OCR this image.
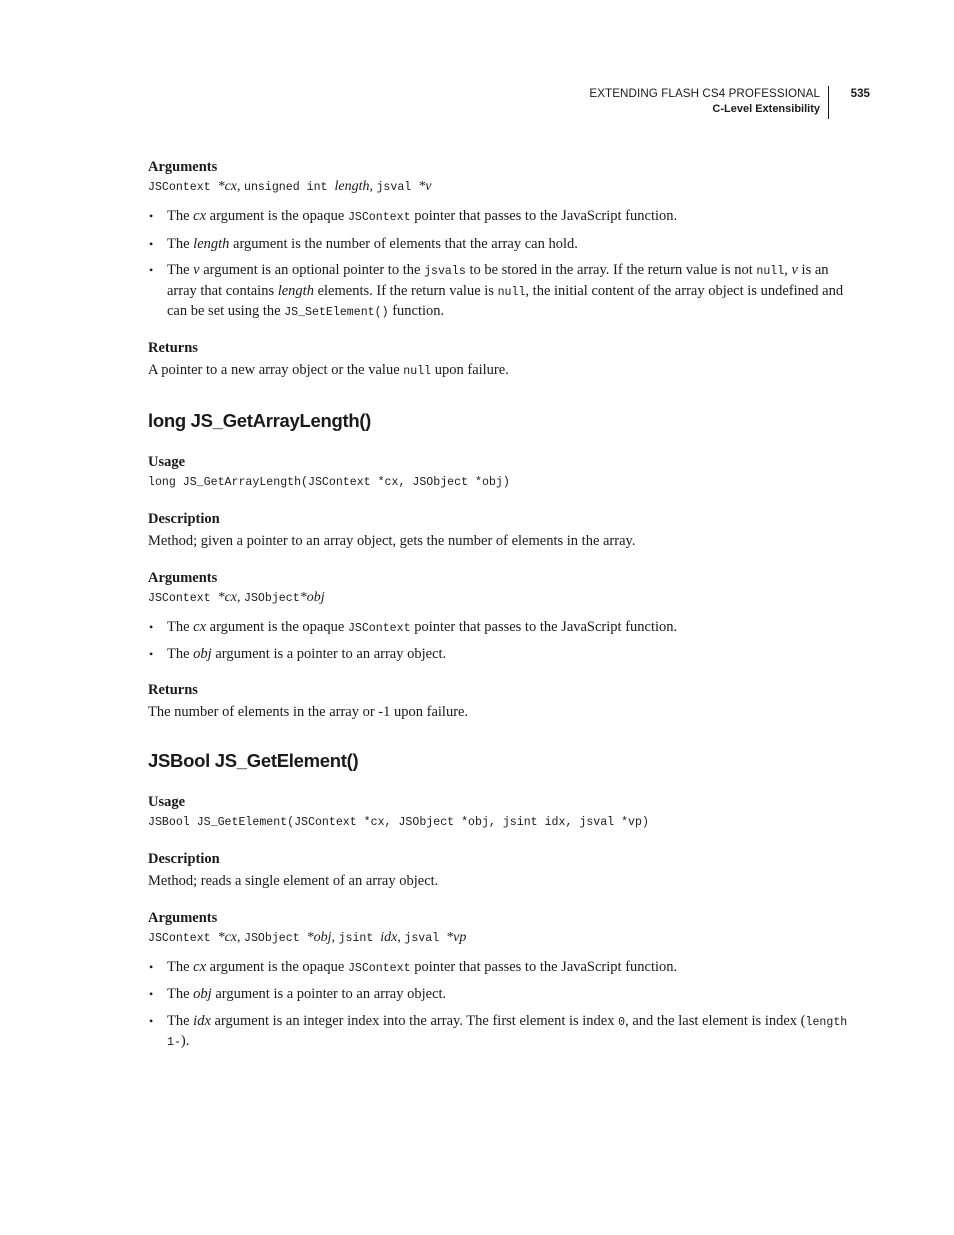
EXTENDING FLASH CS4 PROFESSIONAL
C-Level Extensibility
535

Arguments

JSContext *cx, unsigned int length, jsval *v

• The cx argument is the opaque JSContext pointer that passes to the JavaScript function.
• The length argument is the number of elements that the array can hold.
• The v argument is an optional pointer to the jsvals to be stored in the array. If the return value is not null, v is an array that contains length elements. If the return value is null, the initial content of the array object is undefined and can be set using the JS_SetElement() function.

Returns

A pointer to a new array object or the value null upon failure.

long JS_GetArrayLength()

Usage

long JS_GetArrayLength(JSContext *cx, JSObject *obj)

Description

Method; given a pointer to an array object, gets the number of elements in the array.

Arguments

JSContext *cx, JSObject*obj

• The cx argument is the opaque JSContext pointer that passes to the JavaScript function.
• The obj argument is a pointer to an array object.

Returns

The number of elements in the array or -1 upon failure.

JSBool JS_GetElement()

Usage

JSBool JS_GetElement(JSContext *cx, JSObject *obj, jsint idx, jsval *vp)

Description

Method; reads a single element of an array object.

Arguments

JSContext *cx, JSObject *obj, jsint idx, jsval *vp

• The cx argument is the opaque JSContext pointer that passes to the JavaScript function.
• The obj argument is a pointer to an array object.
• The idx argument is an integer index into the array. The first element is index 0, and the last element is index (length 1-).
